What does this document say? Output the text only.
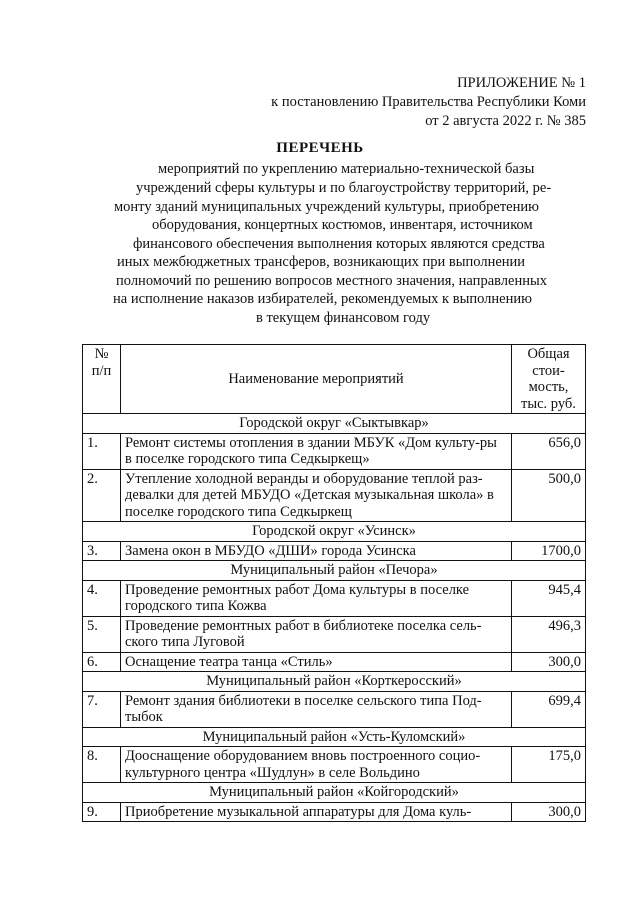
ПРИЛОЖЕНИЕ № 1
к постановлению Правительства Республики Коми
от 2 августа 2022 г. № 385
ПЕРЕЧЕНЬ
мероприятий по укреплению материально-технической базы
учреждений сферы культуры и по благоустройству территорий, ре-
монту зданий муниципальных учреждений культуры, приобретению
оборудования, концертных костюмов, инвентаря, источником
финансового обеспечения выполнения которых являются средства
иных межбюджетных трансферов, возникающих при выполнении
полномочий по решению вопросов местного значения, направленных
на исполнение наказов избирателей, рекомендуемых к выполнению
в текущем финансовом году
№ п/п	Наименование мероприятий	Общая стои-мость, тыс. руб.
Городской округ «Сыктывкар»		
1.	Ремонт системы отопления в здании МБУК «Дом культу-ры в поселке городского типа Седкыркещ»	656,0
2.	Утепление холодной веранды и оборудование теплой раз-девалки для детей МБУДО «Детская музыкальная школа» в поселке городского типа Седкыркещ	500,0
Городской округ «Усинск»		
3.	Замена окон в МБУДО «ДШИ» города Усинска	1700,0
Муниципальный район «Печора»		
4.	Проведение ремонтных работ Дома культуры в поселке городского типа Кожва	945,4
5.	Проведение ремонтных работ в библиотеке поселка сель-ского типа Луговой	496,3
6.	Оснащение театра танца «Стиль»	300,0
Муниципальный район «Корткеросский»		
7.	Ремонт здания библиотеки в поселке сельского типа Под-тыбок	699,4
Муниципальный район «Усть-Куломский»		
8.	Дооснащение оборудованием вновь построенного социо-культурного центра «Шудлун» в селе Вольдино	175,0
Муниципальный район «Койгородский»		
9.	Приобретение музыкальной аппаратуры для Дома куль-	300,0
